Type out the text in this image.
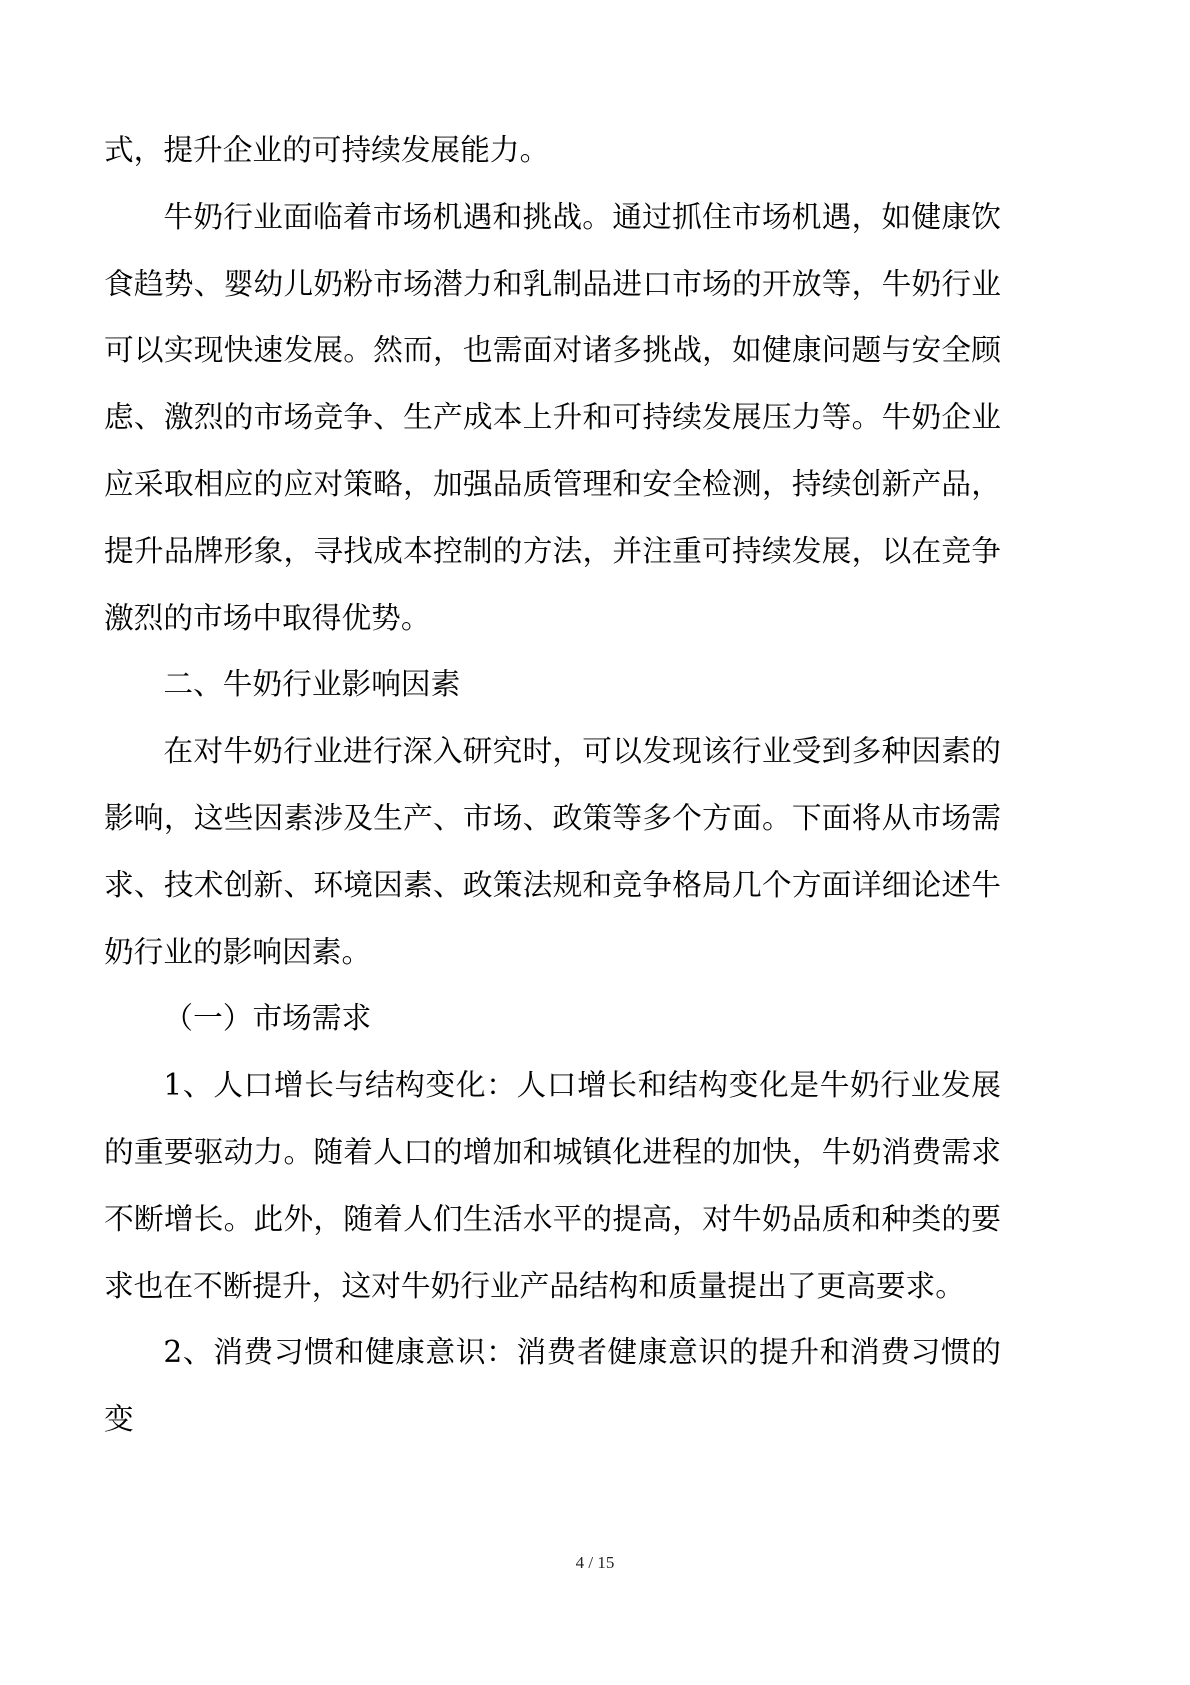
式，提升企业的可持续发展能力。

牛奶行业面临着市场机遇和挑战。通过抓住市场机遇，如健康饮食趋势、婴幼儿奶粉市场潜力和乳制品进口市场的开放等，牛奶行业可以实现快速发展。然而，也需面对诸多挑战，如健康问题与安全顾虑、激烈的市场竞争、生产成本上升和可持续发展压力等。牛奶企业应采取相应的应对策略，加强品质管理和安全检测，持续创新产品，提升品牌形象，寻找成本控制的方法，并注重可持续发展，以在竞争激烈的市场中取得优势。

二、牛奶行业影响因素

在对牛奶行业进行深入研究时，可以发现该行业受到多种因素的影响，这些因素涉及生产、市场、政策等多个方面。下面将从市场需求、技术创新、环境因素、政策法规和竞争格局几个方面详细论述牛奶行业的影响因素。

（一）市场需求

1、人口增长与结构变化：人口增长和结构变化是牛奶行业发展的重要驱动力。随着人口的增加和城镇化进程的加快，牛奶消费需求不断增长。此外，随着人们生活水平的提高，对牛奶品质和种类的要求也在不断提升，这对牛奶行业产品结构和质量提出了更高要求。

2、消费习惯和健康意识：消费者健康意识的提升和消费习惯的变

4 / 15
